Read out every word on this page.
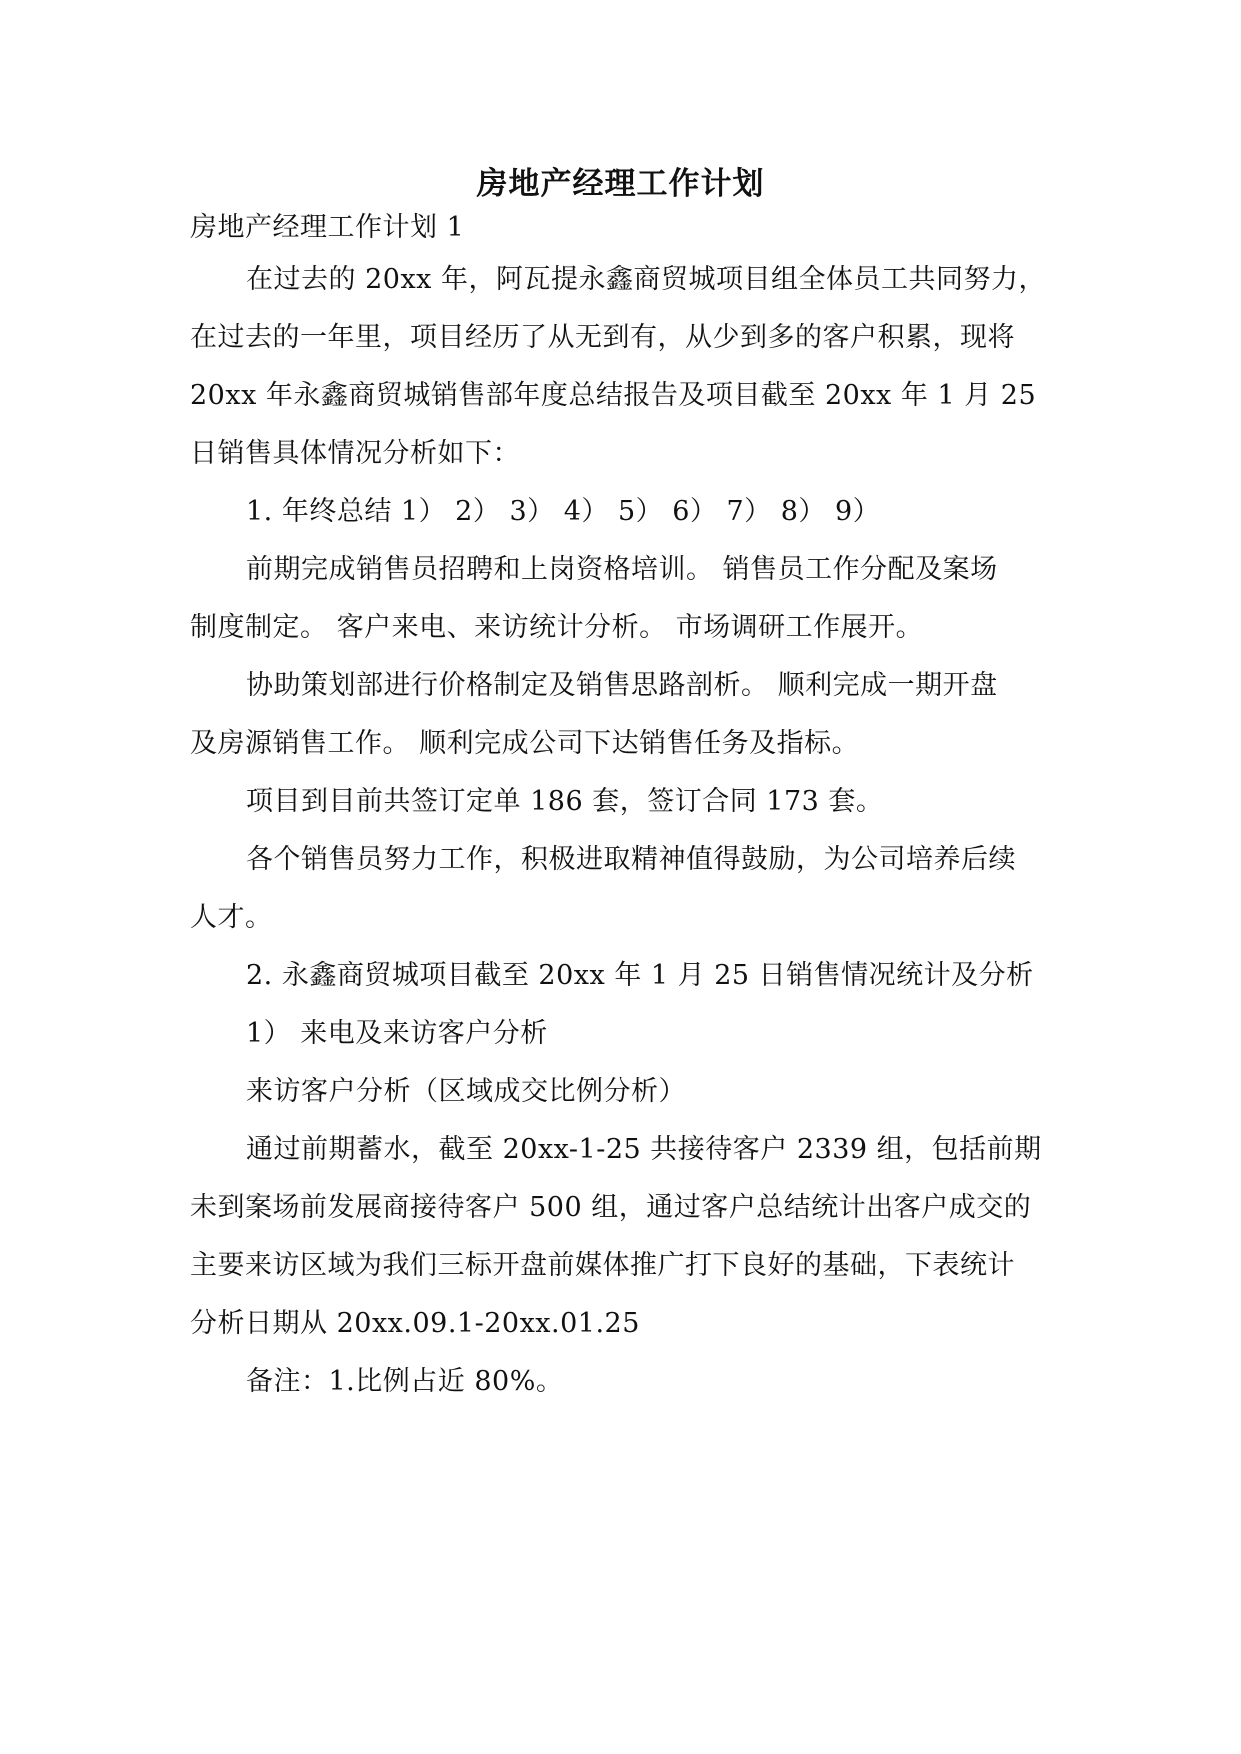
房地产经理工作计划
房地产经理工作计划 1
在过去的 20xx 年，阿瓦提永鑫商贸城项目组全体员工共同努力，
在过去的一年里，项目经历了从无到有，从少到多的客户积累，现将
20xx 年永鑫商贸城销售部年度总结报告及项目截至 20xx 年 1 月 25
日销售具体情况分析如下：
1. 年终总结 1） 2） 3） 4） 5） 6） 7） 8） 9）
前期完成销售员招聘和上岗资格培训。 销售员工作分配及案场
制度制定。 客户来电、来访统计分析。 市场调研工作展开。
协助策划部进行价格制定及销售思路剖析。 顺利完成一期开盘
及房源销售工作。 顺利完成公司下达销售任务及指标。
项目到目前共签订定单 186 套，签订合同 173 套。
各个销售员努力工作，积极进取精神值得鼓励，为公司培养后续
人才。
2. 永鑫商贸城项目截至 20xx 年 1 月 25 日销售情况统计及分析
1） 来电及来访客户分析
来访客户分析（区域成交比例分析）
通过前期蓄水，截至 20xx-1-25 共接待客户 2339 组，包括前期
未到案场前发展商接待客户 500 组，通过客户总结统计出客户成交的
主要来访区域为我们三标开盘前媒体推广打下良好的基础，下表统计
分析日期从 20xx.09.1-20xx.01.25
备注：1.比例占近 80%。
